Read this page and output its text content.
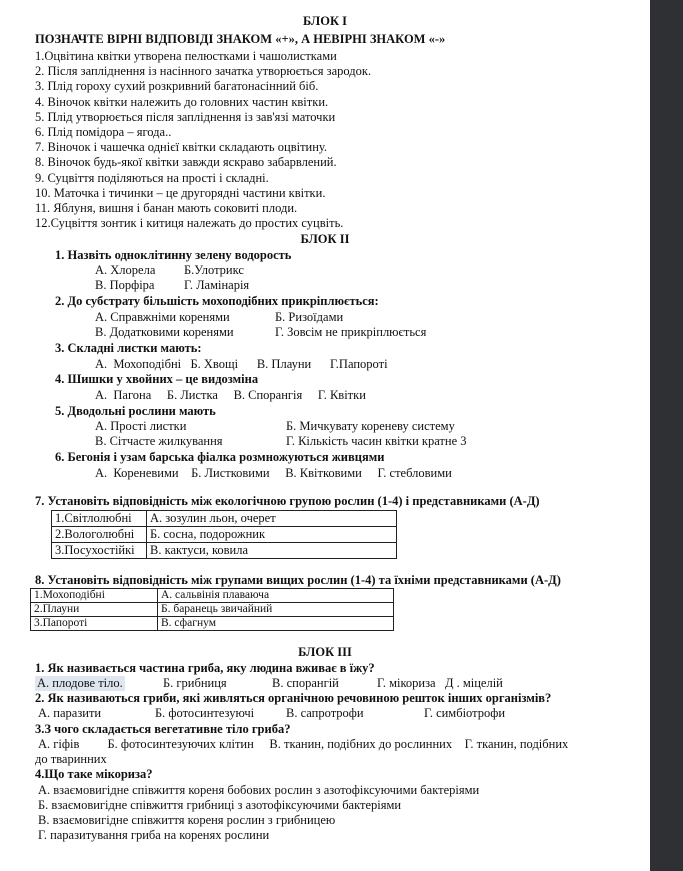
БЛОК І
ПОЗНАЧТЕ ВІРНІ ВІДПОВІДІ ЗНАКОМ «+», А НЕВІРНІ ЗНАКОМ «-»
1.Оцвітина квітки утворена пелюстками і чашолистками
2. Після запліднення із насінного зачатка утворюється зародок.
3. Плід гороху сухий розкривний багатонасінний біб.
4. Віночок квітки належить до головних частин квітки.
5. Плід утворюється після запліднення із зав'язі маточки
6. Плід помідора – ягода..
7. Віночок і чашечка однієї квітки складають оцвітину.
8. Віночок будь-якої квітки завжди яскраво забарвлений.
9. Суцвіття поділяються на прості і складні.
10. Маточка і тичинки – це другорядні частини квітки.
11. Яблуня, вишня і банан мають соковиті плоди.
12.Суцвіття зонтик і китиця належать до простих суцвіть.
БЛОК ІІ
1. Назвіть одноклітинну зелену водорость
А. Хлорела Б.Улотрикс
В. Порфіра Г. Ламінарія
2. До субстрату більшість мохоподібних прикріплюється:
А. Справжніми коренями	Б. Ризоїдами
В. Додатковими коренями	Г. Зовсім не прикріплюється
3. Складні листки мають:
А.  Мохоподібні   Б. Хвощі      В. Плауни      Г.Папороті
4. Шишки у хвойних – це видозміна
А.  Пагона     Б. Листка     В. Спорангія     Г. Квітки
5. Дводольні рослини мають
А. Прості листки	Б. Мичкувату кореневу систему
В. Сітчасте жилкування	Г. Кількість часин квітки кратне 3
6. Бегонія і узам барська фіалка розмножуються живцями
А.  Кореневими    Б. Листковими     В. Квітковими     Г. стебловими
7. Установіть відповідність між екологічною групою рослин (1-4) і представниками (А-Д)
1.Світлолюбні	А. зозулин льон, очерет
2.Вологолюбні	Б. сосна, подорожник
3.Посухостійкі	В. кактуси, ковила
8. Установіть відповідність між групами вищих рослин (1-4) та їхніми представниками (А-Д)
1.Мохоподібні	А. сальвінія плаваюча
2.Плауни	Б. баранець звичайний
3.Папороті	В. сфагнум
БЛОК ІІІ
1. Як називається частина гриба, яку людина вживає в їжу?
А. плодове тіло.	Б. грибниця	В. спорангій	Г. мікориза   Д . міцелій
2. Як називаються гриби, які живляться органічною речовиною решток інших організмів?
А. паразити	Б. фотосинтезуючі	В. сапротрофи	Г. симбіотрофи
3.З чого складається вегетативне тіло гриба?
А. гіфів         Б. фотосинтезуючих клітин     В. тканин, подібних до рослинних    Г. тканин, подібних
до тваринних
4.Що таке мікориза?
А. взаємовигідне співжиття кореня бобових рослин з азотофіксуючими бактеріями
Б. взаємовигідне співжиття грибниці з азотофіксуючими бактеріями
В. взаємовигідне співжиття кореня рослин з грибницею
Г. паразитування гриба на коренях рослини
